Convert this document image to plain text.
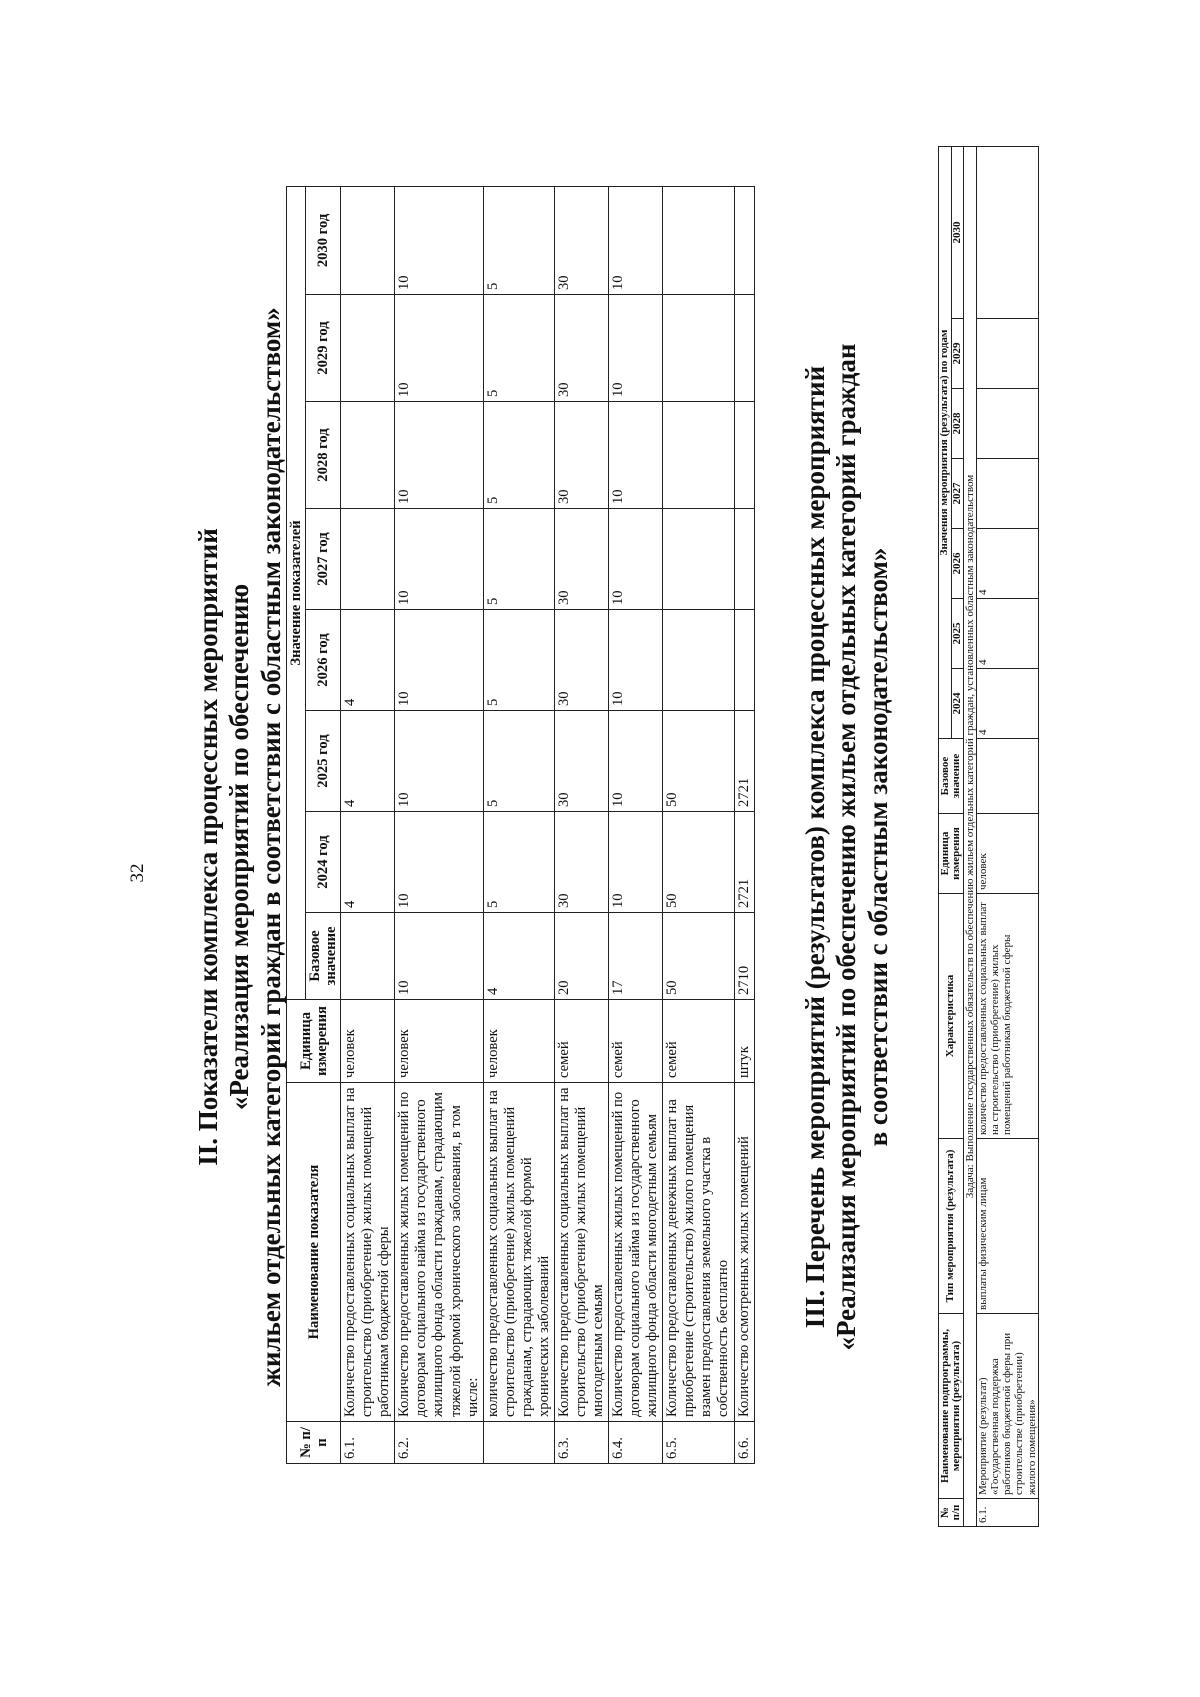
32 II. Показатели комплекса процессных мероприятий «Реализация мероприятий по обеспечению жильем отдельных категорий граждан в соответствии с областным законодательством»
№ п/п	Наименование показателя	Единица измерения	Значение показателей							
			Базовое значение	2024 год	2025 год	2026 год	2027 год	2028 год	2029 год	2030 год
6.1.	Количество предоставленных социальных выплат на строительство (приобретение) жилых помещений работникам бюджетной сферы	человек		4	4	4				
6.2.	Количество предоставленных жилых помещений по договорам социального найма из государственного жилищного фонда области гражданам, страдающим тяжелой формой хронического заболевания, в том числе:	человек	10	10	10	10	10	10	10	10
	количество предоставленных социальных выплат на строительство (приобретение) жилых помещений гражданам, страдающих тяжелой формой хронических заболеваний	человек	4	5	5	5	5	5	5	5
6.3.	Количество предоставленных социальных выплат на строительство (приобретение) жилых помещений многодетным семьям	семей	20	30	30	30	30	30	30	30
6.4.	Количество предоставленных жилых помещений по договорам социального найма из государственного жилищного фонда области многодетным семьям	семей	17	10	10	10	10	10	10	10
6.5.	Количество предоставленных денежных выплат на приобретение (строительство) жилого помещения взамен предоставления земельного участка в собственность бесплатно	семей	50	50	50					
6.6.	Количество осмотренных жилых помещений	штук	2710	2721	2721					III. Перечень мероприятий (результатов) комплекса процессных мероприятий «Реализация мероприятий по обеспечению жильем отдельных категорий граждан в соответствии с областным законодательством»
№ п/п	Наименование подпрограммы, мероприятия (результата)	Тип мероприятия (результата)	Характеристика	Единица измерения	Базовое значение	Значения мероприятия (результата) по годам						
						2024	2025	2026	2027	2028	2029	2030
Задача: Выполнение государственных обязательств по обеспечению жильем отдельных категорий граждан, установленных областным законодательством												
6.1.	Мероприятие (результат) «Государственная поддержка работников бюджетной сферы при строительстве (приобретении) жилого помещения»	выплаты физическим лицам	количество предоставленных социальных выплат на строительство (приобретение) жилых помещений работникам бюджетной сферы	человек		4	4	4				
